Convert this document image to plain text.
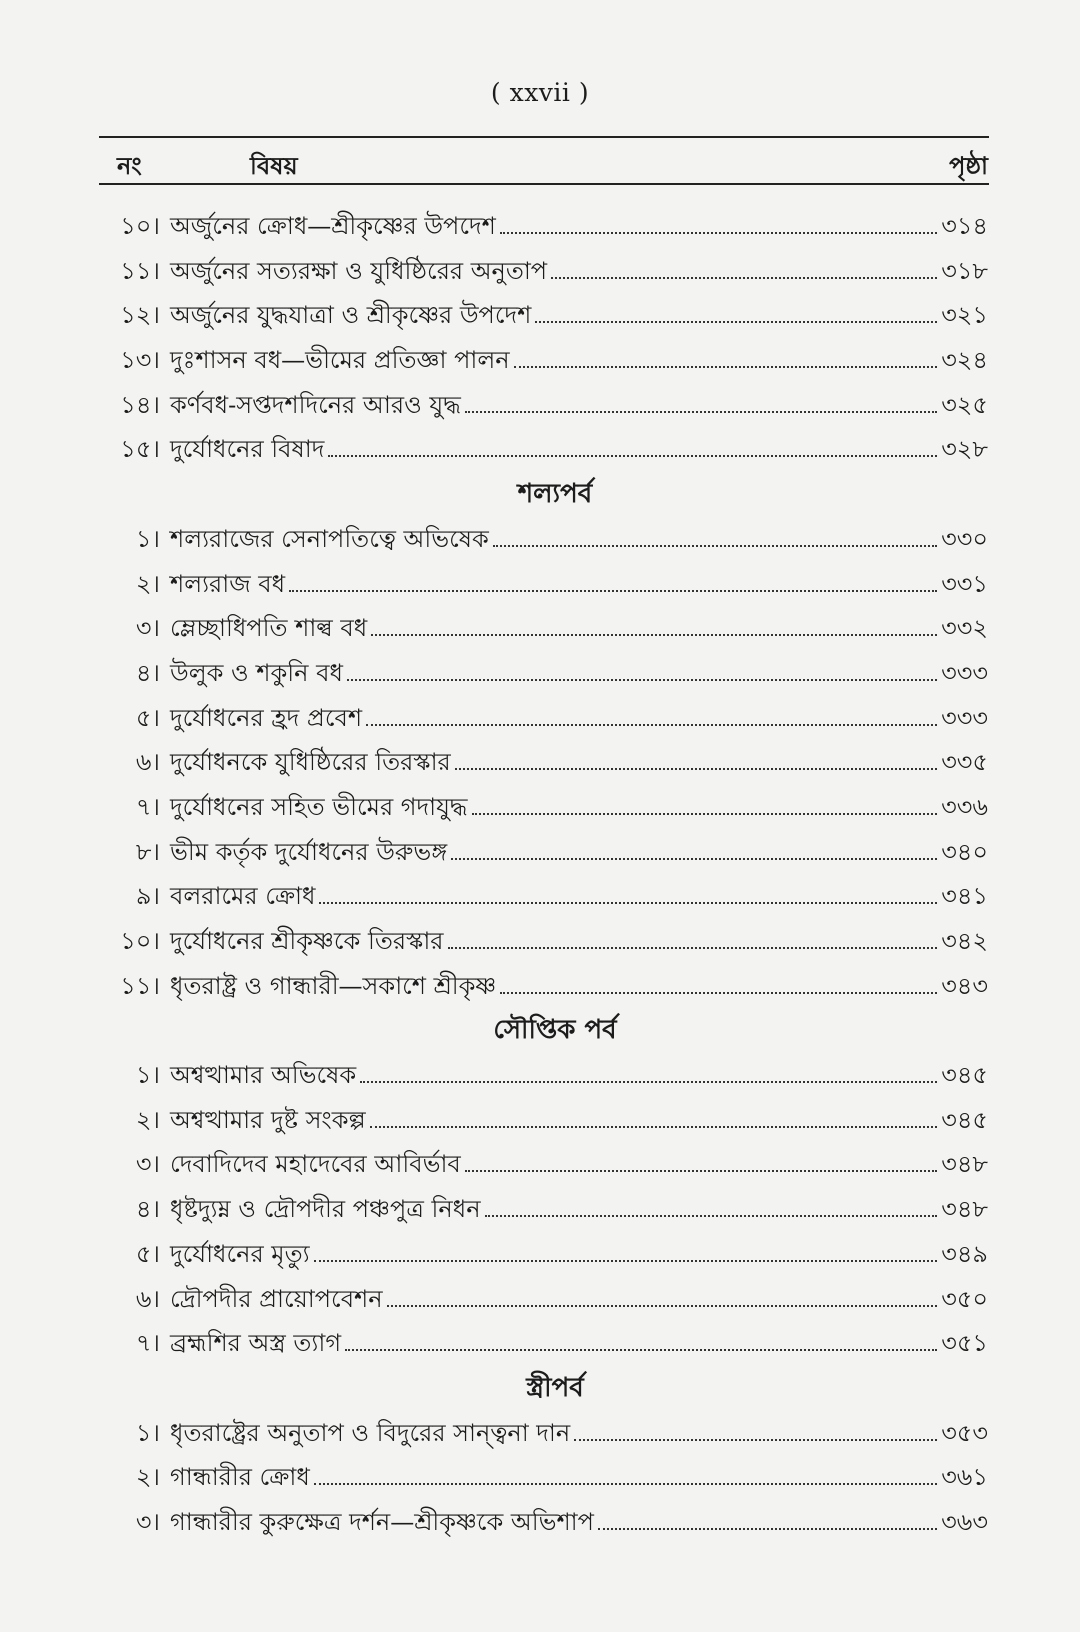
( xxvii )
নং	বিষয়	পৃষ্ঠা
১০। অর্জুনের ক্রোধ—শ্রীকৃষ্ণের উপদেশ	৩১৪
১১। অর্জুনের সত্যরক্ষা ও যুধিষ্ঠিরের অনুতাপ	৩১৮
১২। অর্জুনের যুদ্ধযাত্রা ও শ্রীকৃষ্ণের উপদেশ	৩২১
১৩। দুঃশাসন বধ—ভীমের প্রতিজ্ঞা পালন	৩২৪
১৪। কর্ণবধ-সপ্তদশদিনের আরও যুদ্ধ	৩২৫
১৫। দুর্যোধনের বিষাদ	৩২৮
শল্যপর্ব
১। শল্যরাজের সেনাপতিত্বে অভিষেক	৩৩০
২। শল্যরাজ বধ	৩৩১
৩। ম্লেচ্ছাধিপতি শাল্ব বধ	৩৩২
৪। উলুক ও শকুনি বধ	৩৩৩
৫। দুর্যোধনের হ্রদ প্রবেশ	৩৩৩
৬। দুর্যোধনকে যুধিষ্ঠিরের তিরস্কার	৩৩৫
৭। দুর্যোধনের সহিত ভীমের গদাযুদ্ধ	৩৩৬
৮। ভীম কর্তৃক দুর্যোধনের উরুভঙ্গ	৩৪০
৯। বলরামের ক্রোধ	৩৪১
১০। দুর্যোধনের শ্রীকৃষ্ণকে তিরস্কার	৩৪২
১১। ধৃতরাষ্ট্র ও গান্ধারী—সকাশে শ্রীকৃষ্ণ	৩৪৩
সৌপ্তিক পর্ব
১। অশ্বত্থামার অভিষেক	৩৪৫
২। অশ্বত্থামার দুষ্ট সংকল্প	৩৪৫
৩। দেবাদিদেব মহাদেবের আবির্ভাব	৩৪৮
৪। ধৃষ্টদ্যুম্ন ও দ্রৌপদীর পঞ্চপুত্র নিধন	৩৪৮
৫। দুর্যোধনের মৃত্যু	৩৪৯
৬। দ্রৌপদীর প্রায়োপবেশন	৩৫০
৭। ব্রহ্মশির অস্ত্র ত্যাগ	৩৫১
স্ত্রীপর্ব
১। ধৃতরাষ্ট্রের অনুতাপ ও বিদুরের সান্ত্বনা দান	৩৫৩
২। গান্ধারীর ক্রোধ	৩৬১
৩। গান্ধারীর কুরুক্ষেত্র দর্শন—শ্রীকৃষ্ণকে অভিশাপ	৩৬৩
